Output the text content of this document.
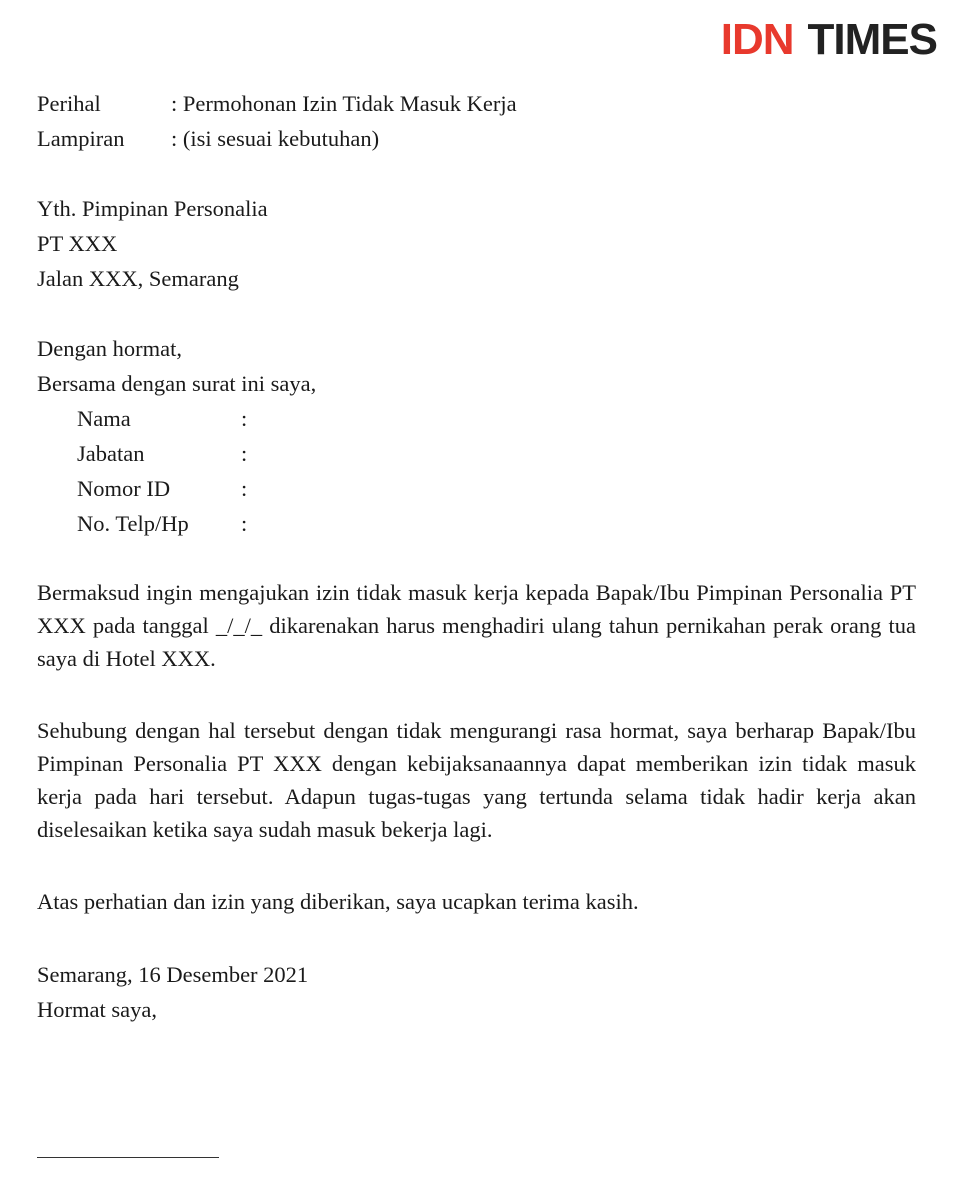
IDN TIMES
Perihal	: Permohonan Izin Tidak Masuk Kerja
Lampiran	: (isi sesuai kebutuhan)
Yth. Pimpinan Personalia
PT XXX
Jalan XXX, Semarang
Dengan hormat,
Bersama dengan surat ini saya,
Nama	:
Jabatan	:
Nomor ID	:
No. Telp/Hp	:

Bermaksud ingin mengajukan izin tidak masuk kerja kepada Bapak/Ibu Pimpinan Personalia PT XXX pada tanggal _/_/_ dikarenakan harus menghadiri ulang tahun pernikahan perak orang tua saya di Hotel XXX.

Sehubung dengan hal tersebut dengan tidak mengurangi rasa hormat, saya berharap Bapak/Ibu Pimpinan Personalia PT XXX dengan kebijaksanaannya dapat memberikan izin tidak masuk kerja pada hari tersebut. Adapun tugas-tugas yang tertunda selama tidak hadir kerja akan diselesaikan ketika saya sudah masuk bekerja lagi.

Atas perhatian dan izin yang diberikan, saya ucapkan terima kasih.

Semarang, 16 Desember 2021
Hormat saya,
